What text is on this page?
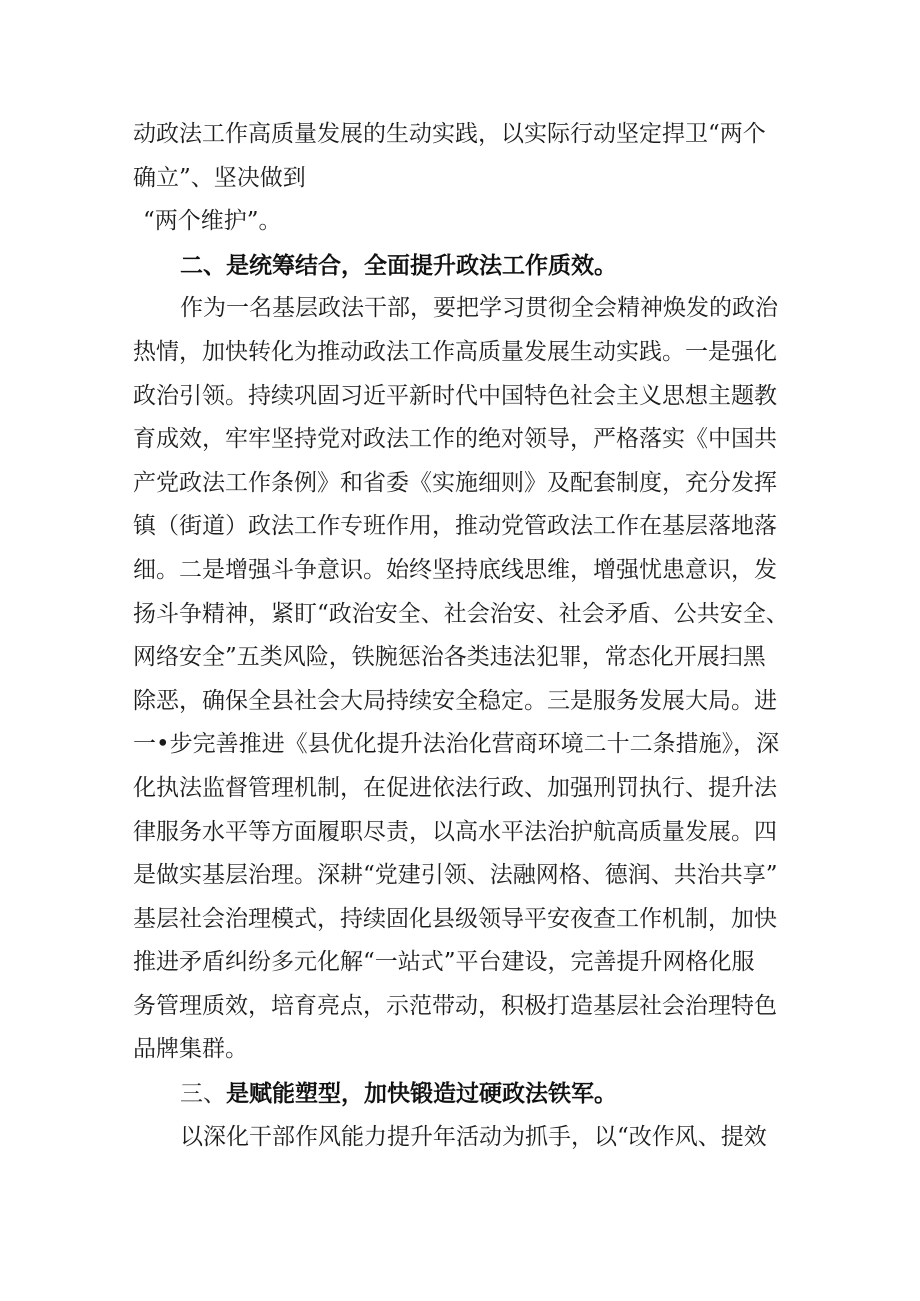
动政法工作高质量发展的生动实践，以实际行动坚定捍卫“两个
确立”、坚决做到
“两个维护”。
二、是统筹结合，全面提升政法工作质效。
作为一名基层政法干部，要把学习贯彻全会精神焕发的政治
热情，加快转化为推动政法工作高质量发展生动实践。一是强化
政治引领。持续巩固习近平新时代中国特色社会主义思想主题教
育成效，牢牢坚持党对政法工作的绝对领导，严格落实《中国共
产党政法工作条例》和省委《实施细则》及配套制度，充分发挥
镇（街道）政法工作专班作用，推动党管政法工作在基层落地落
细。二是增强斗争意识。始终坚持底线思维，增强忧患意识，发
扬斗争精神，紧盯“政治安全、社会治安、社会矛盾、公共安全、
网络安全”五类风险，铁腕惩治各类违法犯罪，常态化开展扫黑
除恶，确保全县社会大局持续安全稳定。三是服务发展大局。进
一•步完善推进《县优化提升法治化营商环境二十二条措施》，深
化执法监督管理机制，在促进依法行政、加强刑罚执行、提升法
律服务水平等方面履职尽责，以高水平法治护航高质量发展。四
是做实基层治理。深耕“党建引领、法融网格、德润、共治共享”
基层社会治理模式，持续固化县级领导平安夜查工作机制，加快
推进矛盾纠纷多元化解“一站式”平台建设，完善提升网格化服
务管理质效，培育亮点，示范带动，积极打造基层社会治理特色
品牌集群。
三、是赋能塑型，加快锻造过硬政法铁军。
以深化干部作风能力提升年活动为抓手，以“改作风、提效
